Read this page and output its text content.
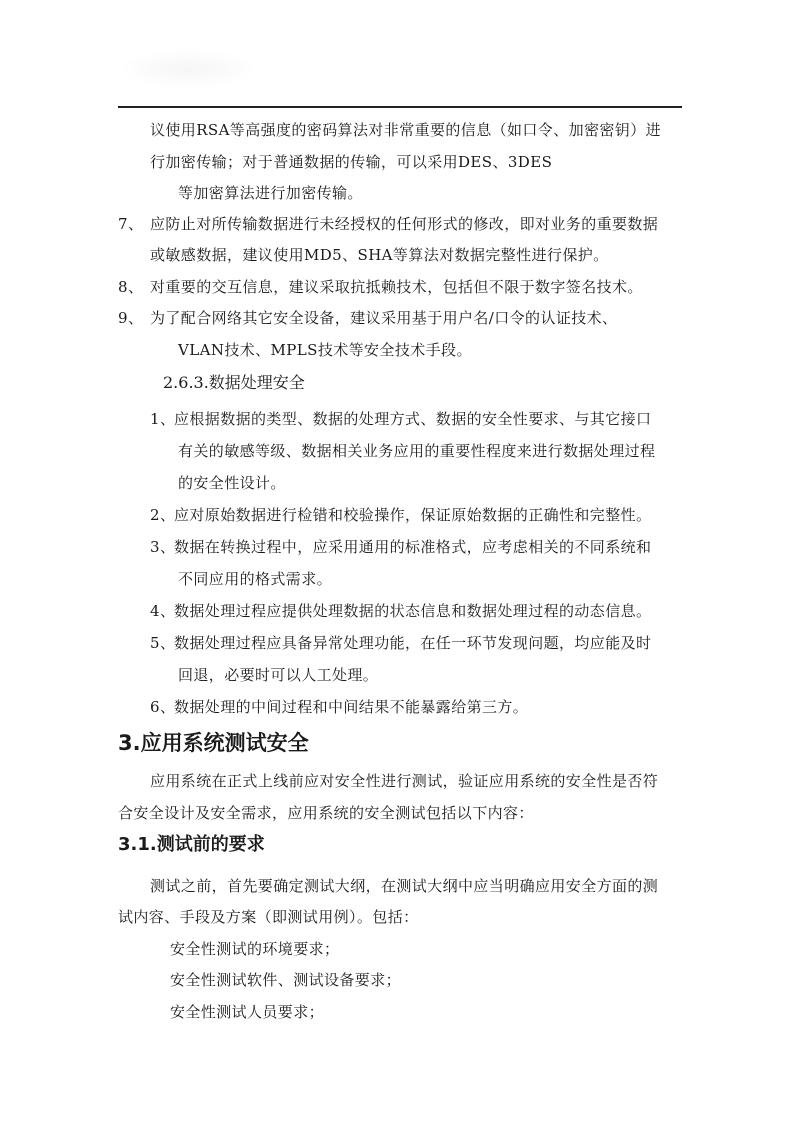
议使用RSA等高强度的密码算法对非常重要的信息（如口令、加密密钥）进
行加密传输；对于普通数据的传输，可以采用DES、3DES
等加密算法进行加密传输。
7、 应防止对所传输数据进行未经授权的任何形式的修改，即对业务的重要数据
或敏感数据，建议使用MD5、SHA等算法对数据完整性进行保护。
8、 对重要的交互信息，建议采取抗抵赖技术，包括但不限于数字签名技术。
9、 为了配合网络其它安全设备，建议采用基于用户名/口令的认证技术、
VLAN技术、MPLS技术等安全技术手段。
2.6.3.数据处理安全
1、
应根据数据的类型、数据的处理方式、数据的安全性要求、与其它接口
有关的敏感等级、数据相关业务应用的重要性程度来进行数据处理过程
的安全性设计。
2、
应对原始数据进行检错和校验操作，保证原始数据的正确性和完整性。
3、
数据在转换过程中，应采用通用的标准格式，应考虑相关的不同系统和
不同应用的格式需求。
4、
数据处理过程应提供处理数据的状态信息和数据处理过程的动态信息。
5、
数据处理过程应具备异常处理功能，在任一环节发现问题，均应能及时
回退，必要时可以人工处理。
6、
数据处理的中间过程和中间结果不能暴露给第三方。
3.应用系统测试安全
应用系统在正式上线前应对安全性进行测试，验证应用系统的安全性是否符
合安全设计及安全需求，应用系统的安全测试包括以下内容：
3.1.测试前的要求
测试之前，首先要确定测试大纲，在测试大纲中应当明确应用安全方面的测
试内容、手段及方案（即测试用例）。包括：
安全性测试的环境要求；
安全性测试软件、测试设备要求；
安全性测试人员要求；
